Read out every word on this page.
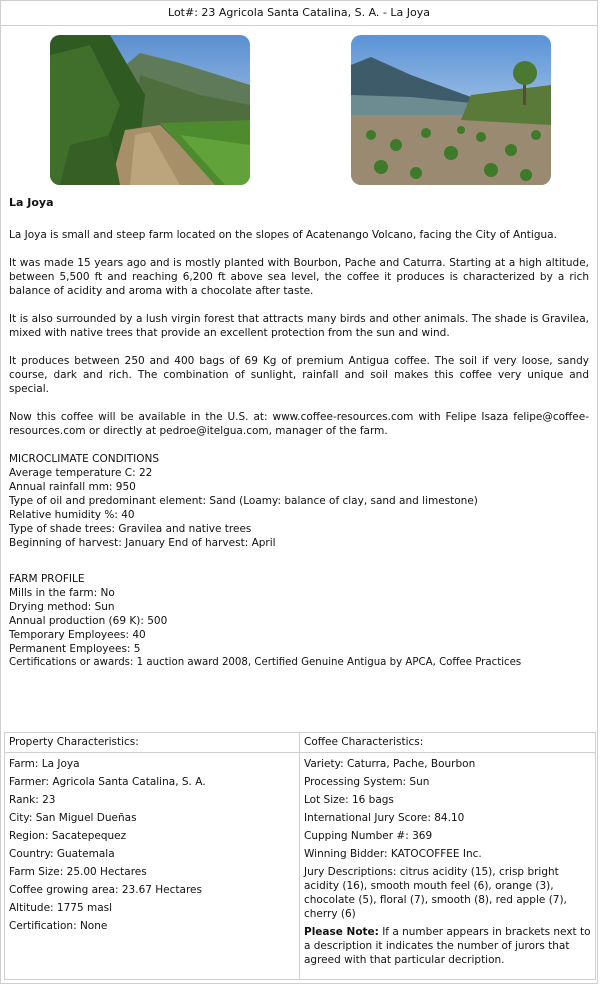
Lot#: 23 Agricola Santa Catalina, S. A. - La Joya
La Joya

La Joya is small and steep farm located on the slopes of Acatenango Volcano, facing the City of Antigua.

It was made 15 years ago and is mostly planted with Bourbon, Pache and Caturra. Starting at a high altitude, between 5,500 ft and reaching 6,200 ft above sea level, the coffee it produces is characterized by a rich balance of acidity and aroma with a chocolate after taste.

It is also surrounded by a lush virgin forest that attracts many birds and other animals. The shade is Gravilea, mixed with native trees that provide an excellent protection from the sun and wind.

It produces between 250 and 400 bags of 69 Kg of premium Antigua coffee. The soil if very loose, sandy course, dark and rich. The combination of sunlight, rainfall and soil makes this coffee very unique and special.

Now this coffee will be available in the U.S. at: www.coffee-resources.com with Felipe Isaza felipe@coffee-resources.com or directly at pedroe@itelgua.com, manager of the farm.

MICROCLIMATE CONDITIONS
Average temperature C: 22
Annual rainfall mm: 950
Type of oil and predominant element: Sand (Loamy: balance of clay, sand and limestone)
Relative humidity %: 40
Type of shade trees: Gravilea and native trees
Beginning of harvest: January End of harvest: April
FARM PROFILE
Mills in the farm: No
Drying method: Sun
Annual production (69 K): 500
Temporary Employees: 40
Permanent Employees: 5
Certifications or awards: 1 auction award 2008, Certified Genuine Antigua by APCA, Coffee Practices
Property Characteristics:
Farm: La Joya
Farmer: Agricola Santa Catalina, S. A.
Rank: 23
City: San Miguel Dueñas
Region: Sacatepequez
Country: Guatemala
Farm Size: 25.00 Hectares
Coffee growing area: 23.67 Hectares
Altitude: 1775 masl
Certification: None
Coffee Characteristics:
Variety: Caturra, Pache, Bourbon
Processing System: Sun
Lot Size: 16 bags
International Jury Score: 84.10
Cupping Number #: 369
Winning Bidder: KATOCOFFEE Inc.
Jury Descriptions: citrus acidity (15), crisp bright acidity (16), smooth mouth feel (6), orange (3), chocolate (5), floral (7), smooth (8), red apple (7), cherry (6)
Please Note: If a number appears in brackets next to a description it indicates the number of jurors that agreed with that particular decription.
